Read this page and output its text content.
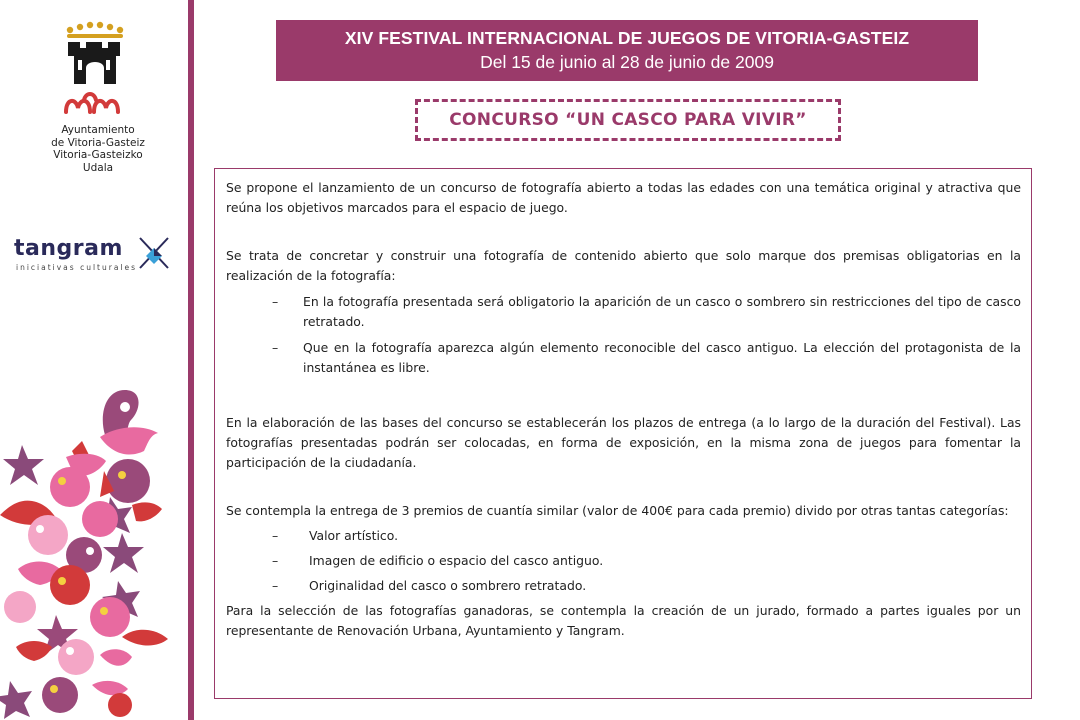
Ayuntamiento
de Vitoria-Gasteiz
Vitoria-Gasteizko
Udala
tangram
iniciativas culturales
XIV FESTIVAL INTERNACIONAL DE JUEGOS DE VITORIA-GASTEIZ
Del 15 de junio al 28 de junio de 2009
CONCURSO “UN CASCO PARA VIVIR”

Se propone el lanzamiento de un concurso de fotografía abierto a todas las edades con una temática original y atractiva que reúna los objetivos marcados para el espacio de juego.

Se trata de concretar y construir una fotografía de contenido abierto que solo marque dos premisas obligatorias en la realización de la fotografía:

– En la fotografía presentada será obligatorio la aparición de un casco o sombrero sin restricciones del tipo de casco retratado.
– Que en la fotografía aparezca algún elemento reconocible del casco antiguo. La elección del protagonista de la instantánea es libre.

En la elaboración de las bases del concurso se establecerán los plazos de entrega (a lo largo de la duración del Festival). Las fotografías presentadas podrán ser colocadas, en forma de exposición, en la misma zona de juegos para fomentar la participación de la ciudadanía.

Se contempla la entrega de 3 premios de cuantía similar (valor de 400€ para cada premio) divido por otras tantas categorías:

– Valor artístico.
– Imagen de edificio o espacio del casco antiguo.
– Originalidad del casco o sombrero retratado.

Para la selección de las fotografías ganadoras, se contempla la creación de un jurado, formado a partes iguales por un representante de Renovación Urbana, Ayuntamiento y Tangram.
